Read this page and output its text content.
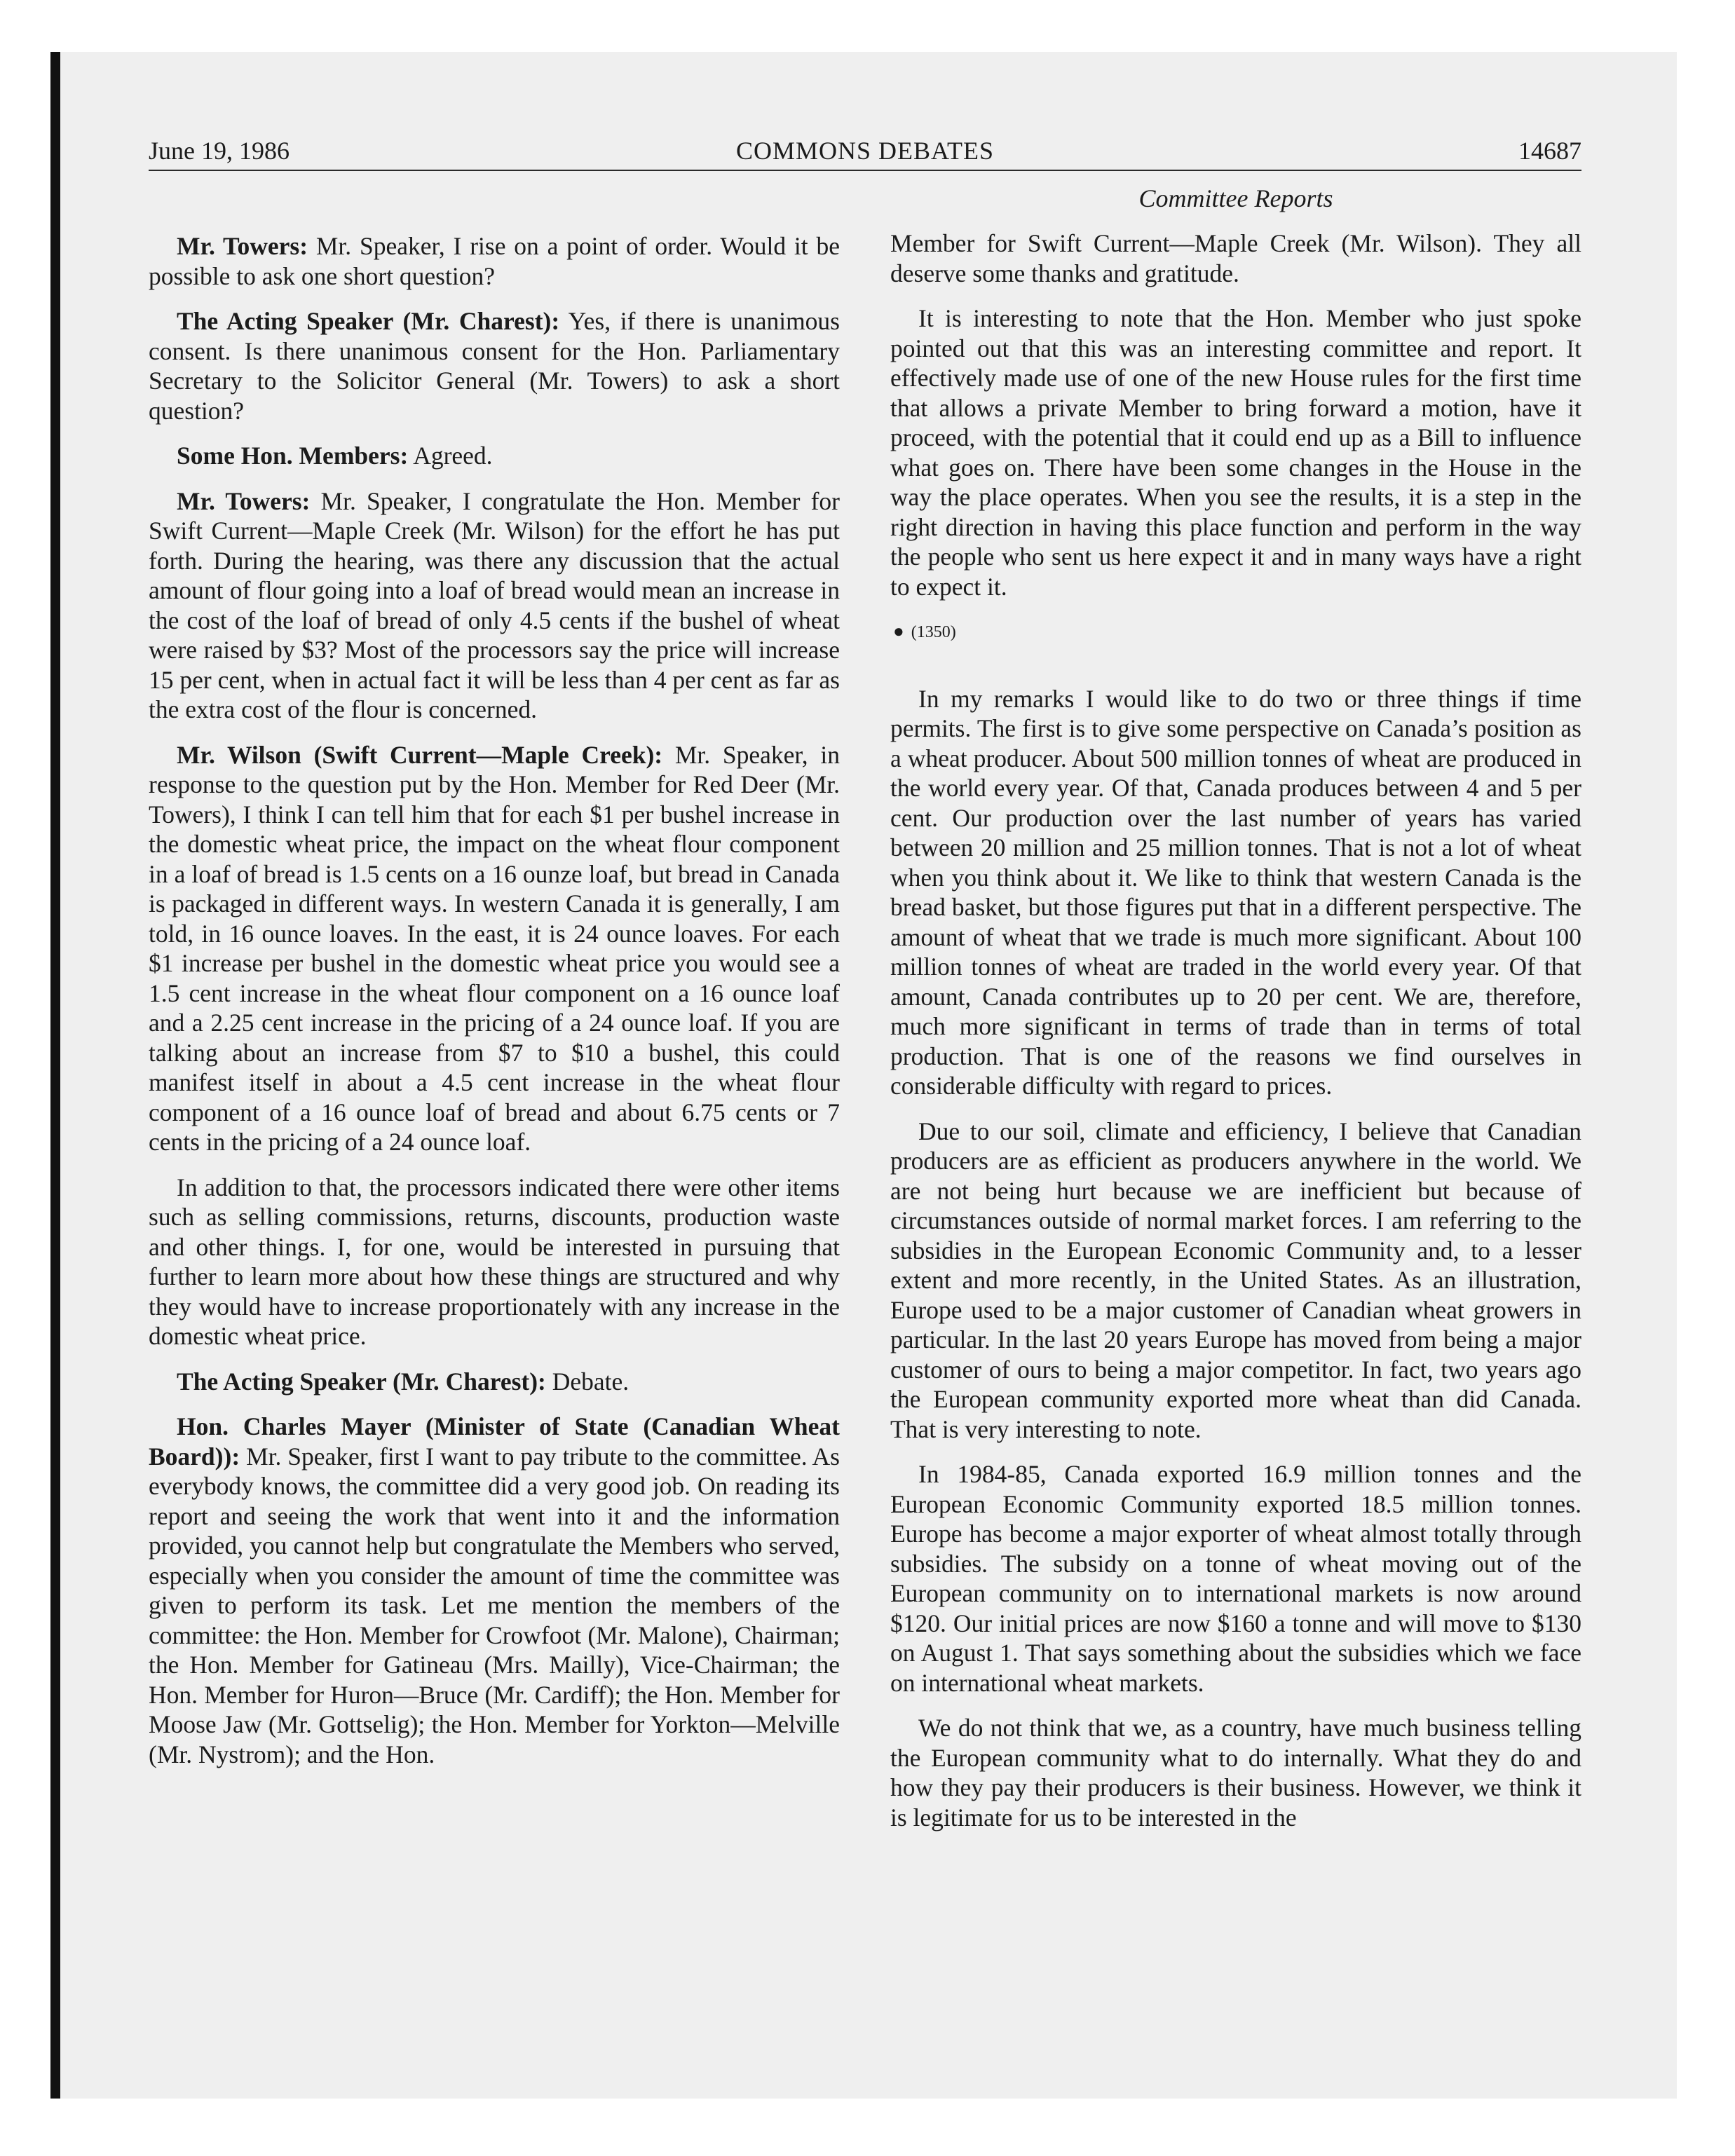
June 19, 1986	COMMONS DEBATES	14687
Committee Reports

Mr. Towers: Mr. Speaker, I rise on a point of order. Would it be possible to ask one short question?

The Acting Speaker (Mr. Charest): Yes, if there is unanimous consent. Is there unanimous consent for the Hon. Parliamentary Secretary to the Solicitor General (Mr. Towers) to ask a short question?

Some Hon. Members: Agreed.

Mr. Towers: Mr. Speaker, I congratulate the Hon. Member for Swift Current—Maple Creek (Mr. Wilson) for the effort he has put forth. During the hearing, was there any discussion that the actual amount of flour going into a loaf of bread would mean an increase in the cost of the loaf of bread of only 4.5 cents if the bushel of wheat were raised by $3? Most of the processors say the price will increase 15 per cent, when in actual fact it will be less than 4 per cent as far as the extra cost of the flour is concerned.

Mr. Wilson (Swift Current—Maple Creek): Mr. Speaker, in response to the question put by the Hon. Member for Red Deer (Mr. Towers), I think I can tell him that for each $1 per bushel increase in the domestic wheat price, the impact on the wheat flour component in a loaf of bread is 1.5 cents on a 16 ounze loaf, but bread in Canada is packaged in different ways. In western Canada it is generally, I am told, in 16 ounce loaves. In the east, it is 24 ounce loaves. For each $1 increase per bushel in the domestic wheat price you would see a 1.5 cent increase in the wheat flour component on a 16 ounce loaf and a 2.25 cent increase in the pricing of a 24 ounce loaf. If you are talking about an increase from $7 to $10 a bushel, this could manifest itself in about a 4.5 cent increase in the wheat flour component of a 16 ounce loaf of bread and about 6.75 cents or 7 cents in the pricing of a 24 ounce loaf.

In addition to that, the processors indicated there were other items such as selling commissions, returns, discounts, production waste and other things. I, for one, would be interested in pursuing that further to learn more about how these things are structured and why they would have to increase proportionately with any increase in the domestic wheat price.

The Acting Speaker (Mr. Charest): Debate.

Hon. Charles Mayer (Minister of State (Canadian Wheat Board)): Mr. Speaker, first I want to pay tribute to the committee. As everybody knows, the committee did a very good job. On reading its report and seeing the work that went into it and the information provided, you cannot help but congratulate the Members who served, especially when you consider the amount of time the committee was given to perform its task. Let me mention the members of the committee: the Hon. Member for Crowfoot (Mr. Malone), Chairman; the Hon. Member for Gatineau (Mrs. Mailly), Vice-Chairman; the Hon. Member for Huron—Bruce (Mr. Cardiff); the Hon. Member for Moose Jaw (Mr. Gottselig); the Hon. Member for Yorkton—Melville (Mr. Nystrom); and the Hon.

Member for Swift Current—Maple Creek (Mr. Wilson). They all deserve some thanks and gratitude.

It is interesting to note that the Hon. Member who just spoke pointed out that this was an interesting committee and report. It effectively made use of one of the new House rules for the first time that allows a private Member to bring forward a motion, have it proceed, with the potential that it could end up as a Bill to influence what goes on. There have been some changes in the House in the way the place operates. When you see the results, it is a step in the right direction in having this place function and perform in the way the people who sent us here expect it and in many ways have a right to expect it.

● (1350)

In my remarks I would like to do two or three things if time permits. The first is to give some perspective on Canada’s position as a wheat producer. About 500 million tonnes of wheat are produced in the world every year. Of that, Canada produces between 4 and 5 per cent. Our production over the last number of years has varied between 20 million and 25 million tonnes. That is not a lot of wheat when you think about it. We like to think that western Canada is the bread basket, but those figures put that in a different perspective. The amount of wheat that we trade is much more significant. About 100 million tonnes of wheat are traded in the world every year. Of that amount, Canada contributes up to 20 per cent. We are, therefore, much more significant in terms of trade than in terms of total production. That is one of the reasons we find ourselves in considerable difficulty with regard to prices.

Due to our soil, climate and efficiency, I believe that Canadian producers are as efficient as producers anywhere in the world. We are not being hurt because we are inefficient but because of circumstances outside of normal market forces. I am referring to the subsidies in the European Economic Community and, to a lesser extent and more recently, in the United States. As an illustration, Europe used to be a major customer of Canadian wheat growers in particular. In the last 20 years Europe has moved from being a major customer of ours to being a major competitor. In fact, two years ago the European community exported more wheat than did Canada. That is very interesting to note.

In 1984-85, Canada exported 16.9 million tonnes and the European Economic Community exported 18.5 million tonnes. Europe has become a major exporter of wheat almost totally through subsidies. The subsidy on a tonne of wheat moving out of the European community on to international markets is now around $120. Our initial prices are now $160 a tonne and will move to $130 on August 1. That says something about the subsidies which we face on international wheat markets.

We do not think that we, as a country, have much business telling the European community what to do internally. What they do and how they pay their producers is their business. However, we think it is legitimate for us to be interested in the
